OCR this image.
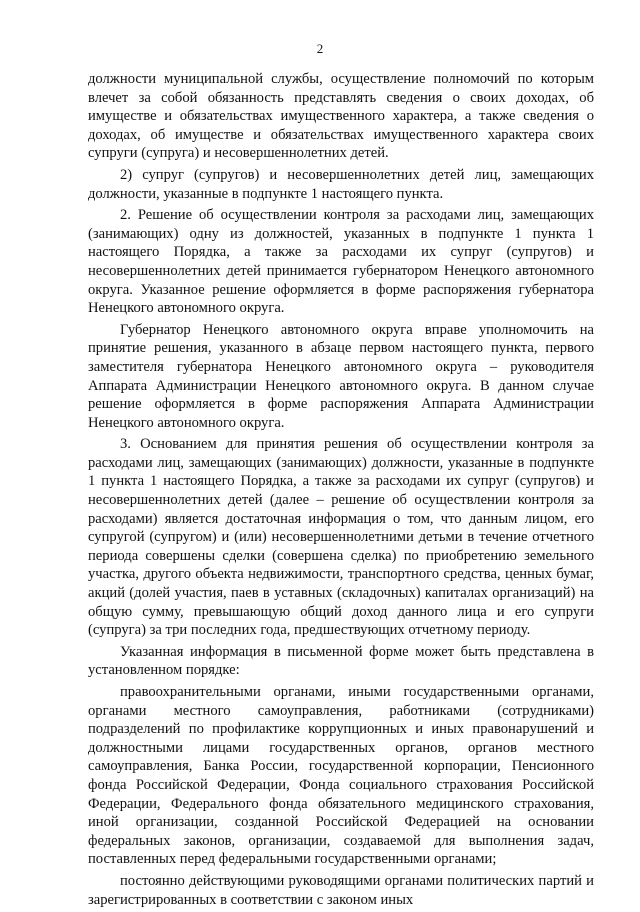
2

должности муниципальной службы, осуществление полномочий по которым влечет за собой обязанность представлять сведения о своих доходах, об имуществе и обязательствах имущественного характера, а также сведения о доходах, об имуществе и обязательствах имущественного характера своих супруги (супруга) и несовершеннолетних детей.

2) супруг (супругов) и несовершеннолетних детей лиц, замещающих должности, указанные в подпункте 1 настоящего пункта.

2. Решение об осуществлении контроля за расходами лиц, замещающих (занимающих) одну из должностей, указанных в подпункте 1 пункта 1 настоящего Порядка, а также за расходами их супруг (супругов) и несовершеннолетних детей принимается губернатором Ненецкого автономного округа. Указанное решение оформляется в форме распоряжения губернатора Ненецкого автономного округа.

Губернатор Ненецкого автономного округа вправе уполномочить на принятие решения, указанного в абзаце первом настоящего пункта, первого заместителя губернатора Ненецкого автономного округа – руководителя Аппарата Администрации Ненецкого автономного округа. В данном случае решение оформляется в форме распоряжения Аппарата Администрации Ненецкого автономного округа.

3. Основанием для принятия решения об осуществлении контроля за расходами лиц, замещающих (занимающих) должности, указанные в подпункте 1 пункта 1 настоящего Порядка, а также за расходами их супруг (супругов) и несовершеннолетних детей (далее – решение об осуществлении контроля за расходами) является достаточная информация о том, что данным лицом, его супругой (супругом) и (или) несовершеннолетними детьми в течение отчетного периода совершены сделки (совершена сделка) по приобретению земельного участка, другого объекта недвижимости, транспортного средства, ценных бумаг, акций (долей участия, паев в уставных (складочных) капиталах организаций) на общую сумму, превышающую общий доход данного лица и его супруги (супруга) за три последних года, предшествующих отчетному периоду.

Указанная информация в письменной форме может быть представлена в установленном порядке:

правоохранительными органами, иными государственными органами, органами местного самоуправления, работниками (сотрудниками) подразделений по профилактике коррупционных и иных правонарушений и должностными лицами государственных органов, органов местного самоуправления, Банка России, государственной корпорации, Пенсионного фонда Российской Федерации, Фонда социального страхования Российской Федерации, Федерального фонда обязательного медицинского страхования, иной организации, созданной Российской Федерацией на основании федеральных законов, организации, создаваемой для выполнения задач, поставленных перед федеральными государственными органами;

постоянно действующими руководящими органами политических партий и зарегистрированных в соответствии с законом иных
